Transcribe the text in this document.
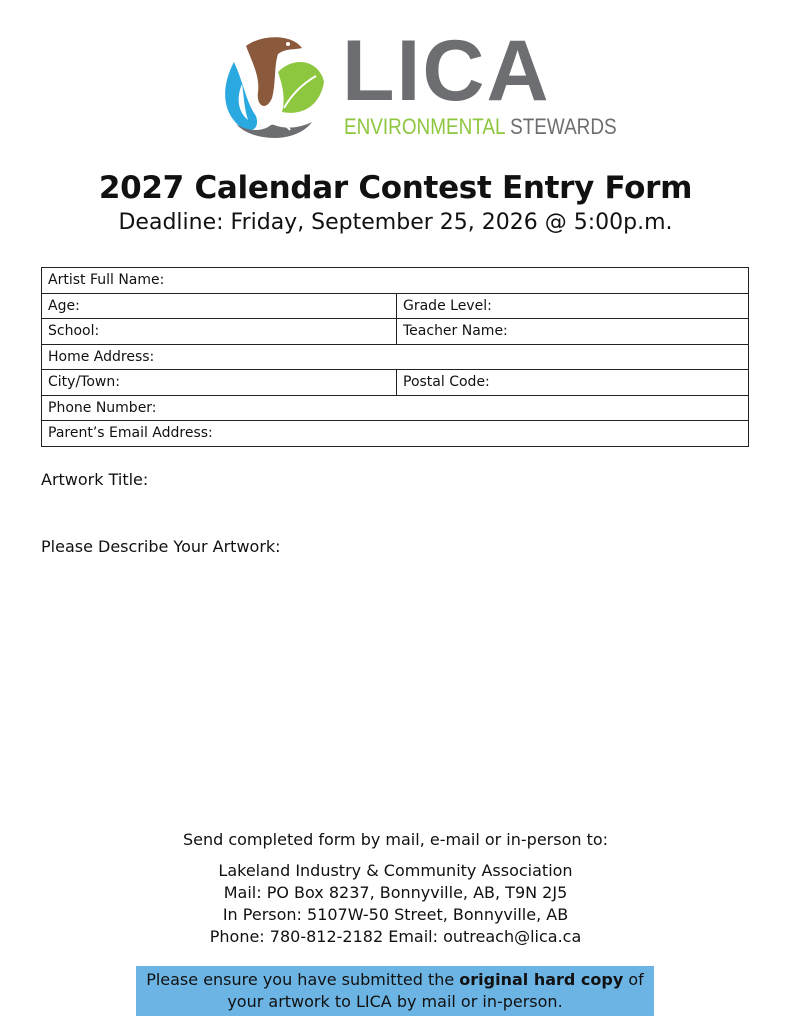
LICA
ENVIRONMENTAL STEWARDS
2027 Calendar Contest Entry Form
Deadline: Friday, September 25, 2026 @ 5:00p.m.
Artist Full Name:	
Age:	Grade Level:
School:	Teacher Name:
Home Address:	
City/Town:	Postal Code:
Phone Number:	
Parent’s Email Address:	
Artwork Title:
Please Describe Your Artwork:
Send completed form by mail, e-mail or in-person to:
Lakeland Industry & Community Association
Mail: PO Box 8237, Bonnyville, AB, T9N 2J5
In Person: 5107W-50 Street, Bonnyville, AB
Phone: 780-812-2182 Email: outreach@lica.ca
Please ensure you have submitted the original hard copy of
your artwork to LICA by mail or in-person.
